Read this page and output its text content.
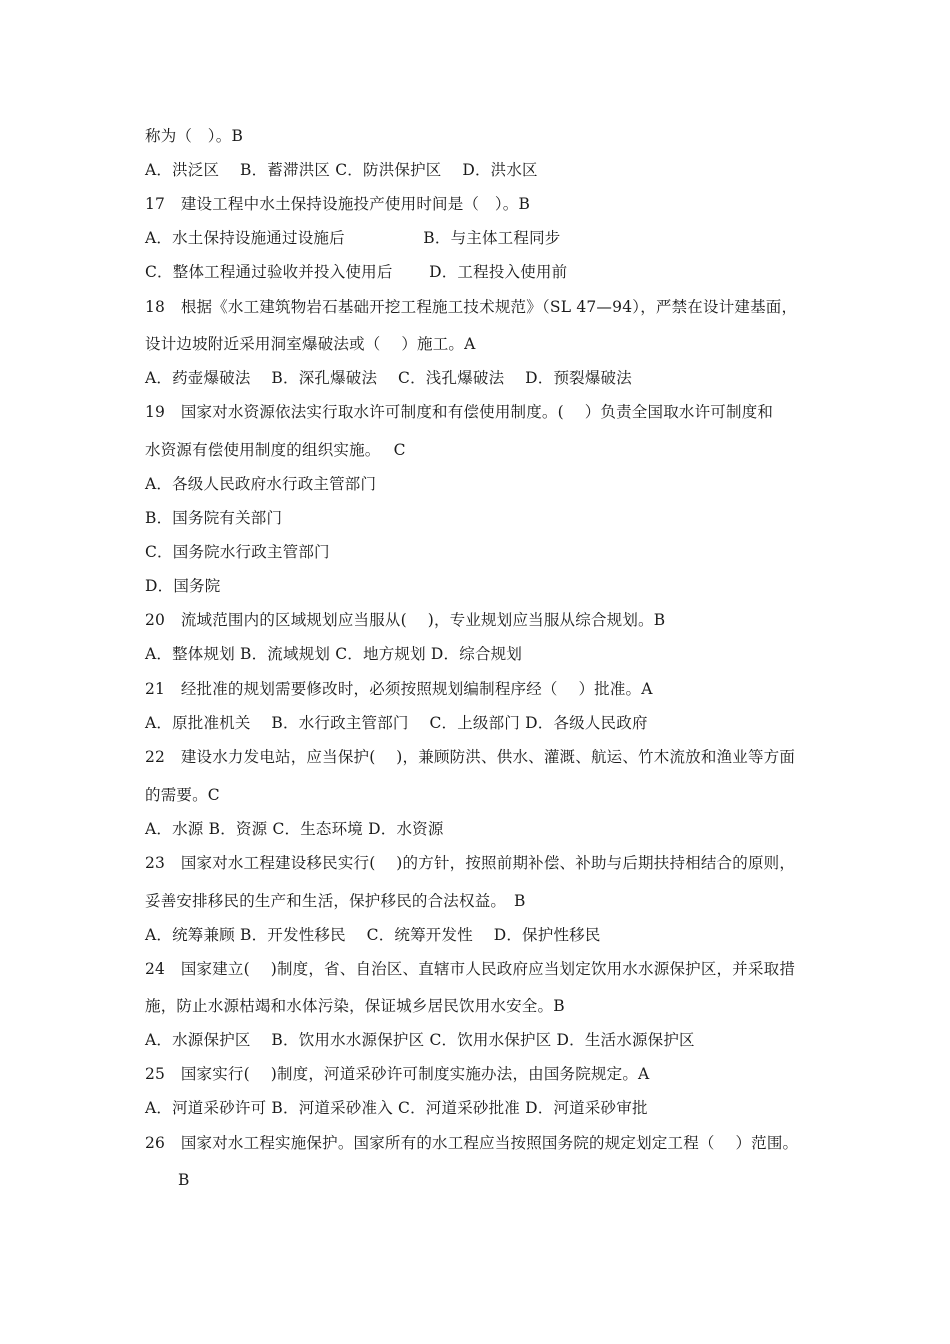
称为（　）。B
A．洪泛区　 B．蓄滞洪区 C．防洪保护区　 D．洪水区
17　建设工程中水土保持设施投产使用时间是（　）。B
A．水土保持设施通过设施后　　　　　B．与主体工程同步
C．整体工程通过验收并投入使用后　　 D．工程投入使用前
18　根据《水工建筑物岩石基础开挖工程施工技术规范》（SL 47—94），严禁在设计建基面，
设计边坡附近采用洞室爆破法或（　 ）施工。A
A．药壶爆破法　 B．深孔爆破法　 C．浅孔爆破法　 D．预裂爆破法
19　国家对水资源依法实行取水许可制度和有偿使用制度。(　 ）负责全国取水许可制度和
水资源有偿使用制度的组织实施。　 C
A．各级人民政府水行政主管部门
B．国务院有关部门
C．国务院水行政主管部门
D．国务院
20　流域范围内的区域规划应当服从(　 )，专业规划应当服从综合规划。B
A．整体规划 B．流域规划 C．地方规划 D．综合规划
21　经批准的规划需要修改时，必须按照规划编制程序经（　 ）批准。A
A．原批准机关　 B．水行政主管部门　 C．上级部门 D．各级人民政府
22　建设水力发电站，应当保护(　 )，兼顾防洪、供水、灌溉、航运、竹木流放和渔业等方面
的需要。C
A．水源 B．资源 C．生态环境 D．水资源
23　国家对水工程建设移民实行(　 )的方针，按照前期补偿、补助与后期扶持相结合的原则，
妥善安排移民的生产和生活，保护移民的合法权益。　B
A．统筹兼顾 B．开发性移民　 C．统筹开发性　 D．保护性移民
24　国家建立(　 )制度，省、自治区、直辖市人民政府应当划定饮用水水源保护区，并采取措
施，防止水源枯竭和水体污染，保证城乡居民饮用水安全。B
A．水源保护区　 B．饮用水水源保护区 C．饮用水保护区 D．生活水源保护区
25　国家实行(　 )制度，河道采砂许可制度实施办法，由国务院规定。A
A．河道采砂许可 B．河道采砂准入 C．河道采砂批准 D．河道采砂审批
26　国家对水工程实施保护。国家所有的水工程应当按照国务院的规定划定工程（　 ）范围。
B
